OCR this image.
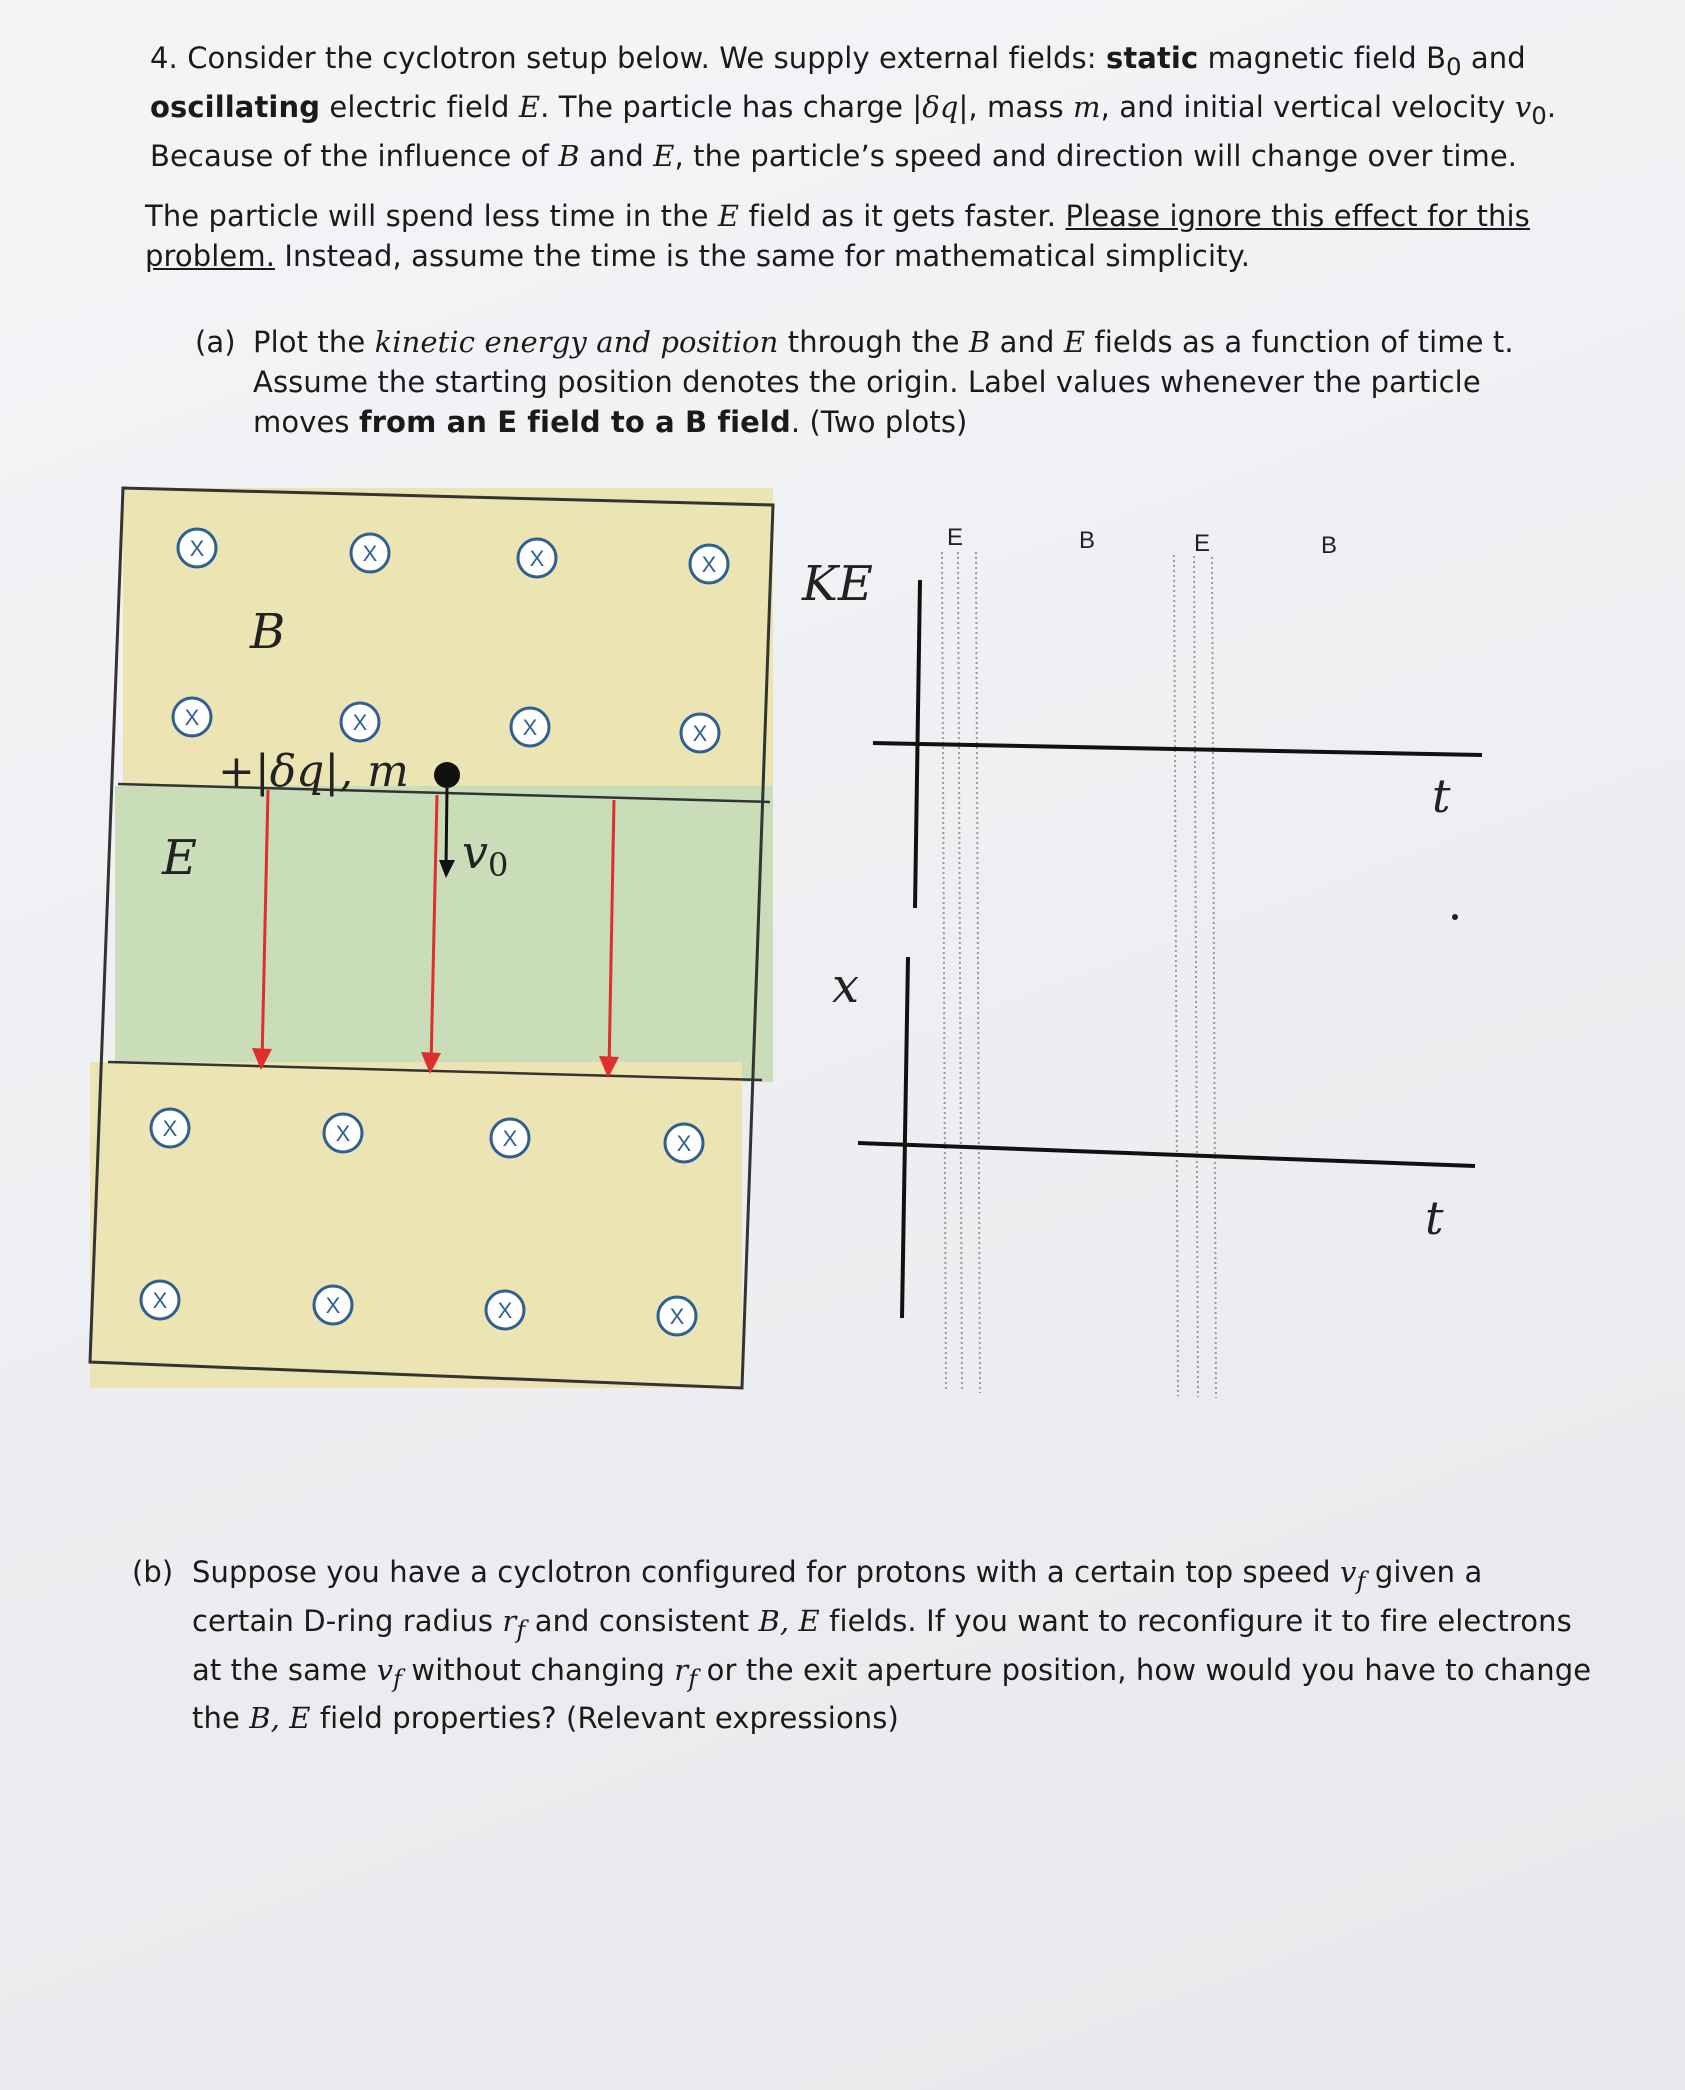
4. Consider the cyclotron setup below. We supply external fields: static magnetic field $B_0$ and oscillating electric field E. The particle has charge |δq|, mass m, and initial vertical velocity $v_0$. Because of the influence of B and E, the particle’s speed and direction will change over time.
The particle will spend less time in the E field as it gets faster. Please ignore this effect for this problem. Instead, assume the time is the same for mathematical simplicity.
(a) Plot the kinetic energy and position through the B and E fields as a function of time t. Assume the starting position denotes the origin. Label values whenever the particle moves from an E field to a B field. (Two plots)
X	X	X	X
X	X	X	X
X	X	X	X
X	X	X	X
B
E
+|δq|, m
v0
E	B	E	B
KE
t
x
t
(b) Suppose you have a cyclotron configured for protons with a certain top speed $v_f$ given a certain D-ring radius $r_f$ and consistent B, E fields. If you want to reconfigure it to fire electrons at the same $v_f$ without changing $r_f$ or the exit aperture position, how would you have to change the B, E field properties? (Relevant expressions)
